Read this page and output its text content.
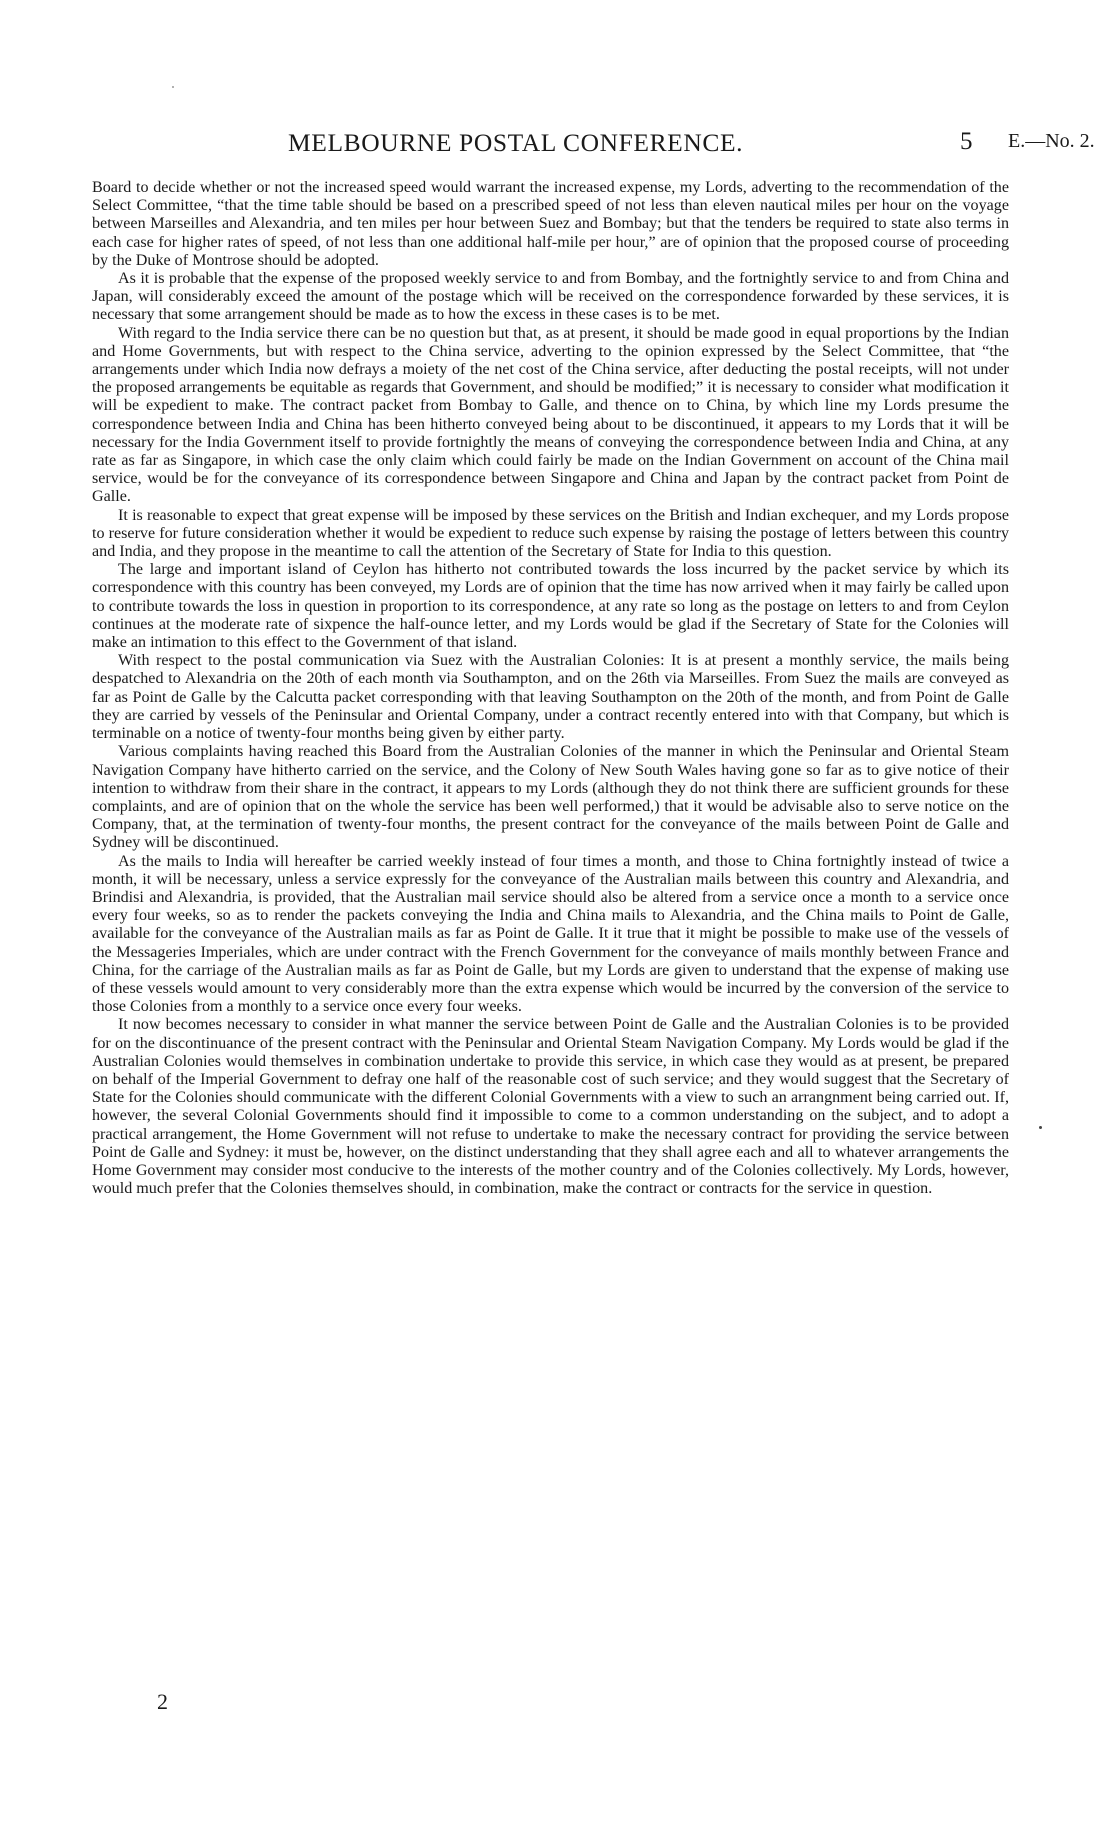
MELBOURNE POSTAL CONFERENCE.	5 E.—No. 2.

Board to decide whether or not the increased speed would warrant the increased expense, my Lords, adverting to the recommendation of the Select Committee, “that the time table should be based on a prescribed speed of not less than eleven nautical miles per hour on the voyage between Marseilles and Alexandria, and ten miles per hour between Suez and Bombay; but that the tenders be required to state also terms in each case for higher rates of speed, of not less than one additional half-mile per hour,” are of opinion that the proposed course of proceeding by the Duke of Montrose should be adopted.

As it is probable that the expense of the proposed weekly service to and from Bombay, and the fortnightly service to and from China and Japan, will considerably exceed the amount of the postage which will be received on the correspondence forwarded by these services, it is necessary that some arrangement should be made as to how the excess in these cases is to be met.

With regard to the India service there can be no question but that, as at present, it should be made good in equal proportions by the Indian and Home Governments, but with respect to the China service, adverting to the opinion expressed by the Select Committee, that “the arrangements under which India now defrays a moiety of the net cost of the China service, after deducting the postal receipts, will not under the proposed arrangements be equitable as regards that Government, and should be modified;” it is necessary to consider what modification it will be expedient to make. The contract packet from Bombay to Galle, and thence on to China, by which line my Lords presume the correspondence between India and China has been hitherto conveyed being about to be discontinued, it appears to my Lords that it will be necessary for the India Government itself to provide fortnightly the means of conveying the correspondence between India and China, at any rate as far as Singapore, in which case the only claim which could fairly be made on the Indian Government on account of the China mail service, would be for the conveyance of its correspondence between Singapore and China and Japan by the contract packet from Point de Galle.

It is reasonable to expect that great expense will be imposed by these services on the British and Indian exchequer, and my Lords propose to reserve for future consideration whether it would be expedient to reduce such expense by raising the postage of letters between this country and India, and they propose in the meantime to call the attention of the Secretary of State for India to this question.

The large and important island of Ceylon has hitherto not contributed towards the loss incurred by the packet service by which its correspondence with this country has been conveyed, my Lords are of opinion that the time has now arrived when it may fairly be called upon to contribute towards the loss in question in proportion to its correspondence, at any rate so long as the postage on letters to and from Ceylon continues at the moderate rate of sixpence the half-ounce letter, and my Lords would be glad if the Secretary of State for the Colonies will make an intimation to this effect to the Government of that island.

With respect to the postal communication via Suez with the Australian Colonies: It is at present a monthly service, the mails being despatched to Alexandria on the 20th of each month via Southampton, and on the 26th via Marseilles. From Suez the mails are conveyed as far as Point de Galle by the Calcutta packet corresponding with that leaving Southampton on the 20th of the month, and from Point de Galle they are carried by vessels of the Peninsular and Oriental Company, under a contract recently entered into with that Company, but which is terminable on a notice of twenty-four months being given by either party.

Various complaints having reached this Board from the Australian Colonies of the manner in which the Peninsular and Oriental Steam Navigation Company have hitherto carried on the service, and the Colony of New South Wales having gone so far as to give notice of their intention to withdraw from their share in the contract, it appears to my Lords (although they do not think there are sufficient grounds for these complaints, and are of opinion that on the whole the service has been well performed,) that it would be advisable also to serve notice on the Company, that, at the termination of twenty-four months, the present contract for the conveyance of the mails between Point de Galle and Sydney will be discontinued.

As the mails to India will hereafter be carried weekly instead of four times a month, and those to China fortnightly instead of twice a month, it will be necessary, unless a service expressly for the conveyance of the Australian mails between this country and Alexandria, and Brindisi and Alexandria, is provided, that the Australian mail service should also be altered from a service once a month to a service once every four weeks, so as to render the packets conveying the India and China mails to Alexandria, and the China mails to Point de Galle, available for the conveyance of the Australian mails as far as Point de Galle. It it true that it might be possible to make use of the vessels of the Messageries Imperiales, which are under contract with the French Government for the conveyance of mails monthly between France and China, for the carriage of the Australian mails as far as Point de Galle, but my Lords are given to understand that the expense of making use of these vessels would amount to very considerably more than the extra expense which would be incurred by the conversion of the service to those Colonies from a monthly to a service once every four weeks.

It now becomes necessary to consider in what manner the service between Point de Galle and the Australian Colonies is to be provided for on the discontinuance of the present contract with the Peninsular and Oriental Steam Navigation Company. My Lords would be glad if the Australian Colonies would themselves in combination undertake to provide this service, in which case they would as at present, be prepared on behalf of the Imperial Government to defray one half of the reasonable cost of such service; and they would suggest that the Secretary of State for the Colonies should communicate with the different Colonial Governments with a view to such an arrangnment being carried out. If, however, the several Colonial Governments should find it impossible to come to a common understanding on the subject, and to adopt a practical arrangement, the Home Government will not refuse to undertake to make the necessary contract for providing the service between Point de Galle and Sydney: it must be, however, on the distinct understanding that they shall agree each and all to whatever arrangements the Home Government may consider most conducive to the interests of the mother country and of the Colonies collectively. My Lords, however, would much prefer that the Colonies themselves should, in combination, make the contract or contracts for the service in question.

2
